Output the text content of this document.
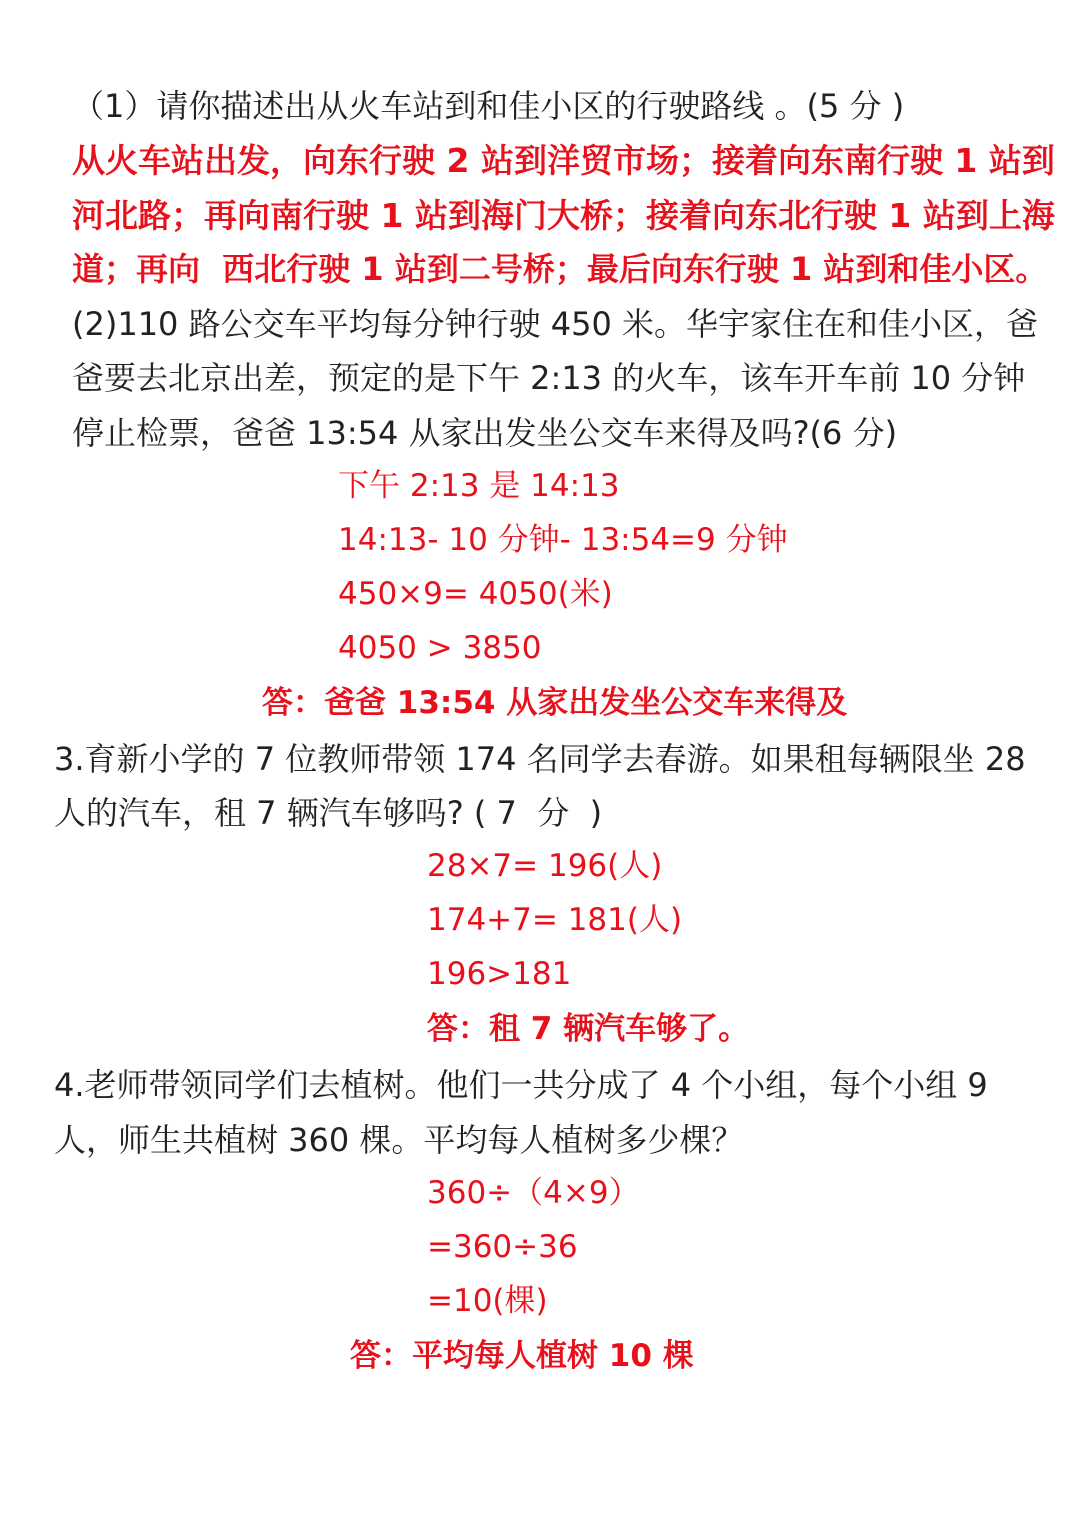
（1）请你描述出从火车站到和佳小区的行驶路线 。(5 分 )
从火车站出发，向东行驶 2 站到洋贸市场；接着向东南行驶 1 站到
河北路；再向南行驶 1 站到海门大桥；接着向东北行驶 1 站到上海
道；再向  西北行驶 1 站到二号桥；最后向东行驶 1 站到和佳小区。
(2)110 路公交车平均每分钟行驶 450 米。华宇家住在和佳小区，爸
爸要去北京出差，预定的是下午 2:13 的火车，该车开车前 10 分钟
停止检票，爸爸 13:54 从家出发坐公交车来得及吗?(6 分)
下午 2:13 是 14:13
14:13- 10 分钟- 13:54=9 分钟
450×9= 4050(米)
4050 > 3850
答：爸爸 13:54 从家出发坐公交车来得及
3.育新小学的 7 位教师带领 174 名同学去春游。如果租每辆限坐 28
人的汽车，租 7 辆汽车够吗? ( 7  分  )
28×7= 196(人)
174+7= 181(人)
196>181
答：租 7 辆汽车够了。
4.老师带领同学们去植树。他们一共分成了 4 个小组，每个小组 9
人，师生共植树 360 棵。平均每人植树多少棵？
360÷（4×9）
=360÷36
=10(棵)
答：平均每人植树 10 棵
